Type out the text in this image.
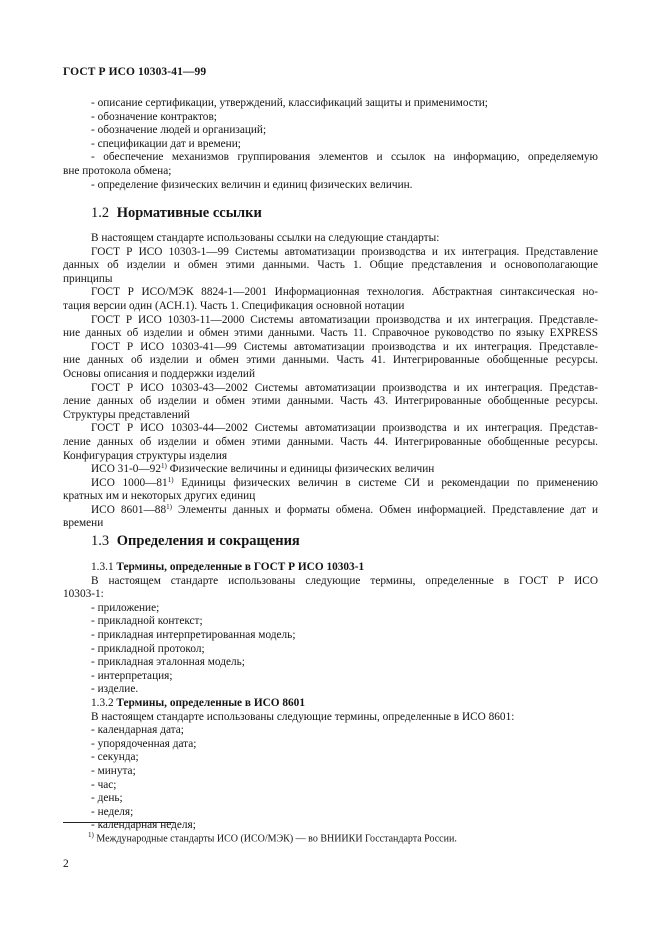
ГОСТ Р ИСО 10303-41—99
- описание сертификации, утверждений, классификаций защиты и применимости;
- обозначение контрактов;
- обозначение людей и организаций;
- спецификации дат и времени;
- обеспечение механизмов группирования элементов и ссылок на информацию, определяемую
вне протокола обмена;
- определение физических величин и единиц физических величин.
1.2 Нормативные ссылки
В настоящем стандарте использованы ссылки на следующие стандарты:
ГОСТ Р ИСО 10303-1—99 Системы автоматизации производства и их интеграция. Представление
данных об изделии и обмен этими данными. Часть 1. Общие представления и основополагающие
принципы
ГОСТ Р ИСО/МЭК 8824-1—2001 Информационная технология. Абстрактная синтаксическая но-
тация версии один (АСН.1). Часть 1. Спецификация основной нотации
ГОСТ Р ИСО 10303-11—2000 Системы автоматизации производства и их интеграция. Представле-
ние данных об изделии и обмен этими данными. Часть 11. Справочное руководство по языку EXPRESS
ГОСТ Р ИСО 10303-41—99 Системы автоматизации производства и их интеграция. Представле-
ние данных об изделии и обмен этими данными. Часть 41. Интегрированные обобщенные ресурсы.
Основы описания и поддержки изделий
ГОСТ Р ИСО 10303-43—2002 Системы автоматизации производства и их интеграция. Представ-
ление данных об изделии и обмен этими данными. Часть 43. Интегрированные обобщенные ресурсы.
Структуры представлений
ГОСТ Р ИСО 10303-44—2002 Системы автоматизации производства и их интеграция. Представ-
ление данных об изделии и обмен этими данными. Часть 44. Интегрированные обобщенные ресурсы.
Конфигурация структуры изделия
ИСО 31-0—92$^{1)}$ Физические величины и единицы физических величин
ИСО 1000—81$^{1)}$ Единицы физических величин в системе СИ и рекомендации по применению
кратных им и некоторых других единиц
ИСО 8601—88$^{1)}$ Элементы данных и форматы обмена. Обмен информацией. Представление дат и
времени
1.3 Определения и сокращения
1.3.1 Термины, определенные в ГОСТ Р ИСО 10303-1
В настоящем стандарте использованы следующие термины, определенные в ГОСТ Р ИСО
10303-1:
- приложение;
- прикладной контекст;
- прикладная интерпретированная модель;
- прикладной протокол;
- прикладная эталонная модель;
- интерпретация;
- изделие.
1.3.2 Термины, определенные в ИСО 8601
В настоящем стандарте использованы следующие термины, определенные в ИСО 8601:
- календарная дата;
- упорядоченная дата;
- секунда;
- минута;
- час;
- день;
- неделя;
- календарная неделя;
$^{1)}$ Международные стандарты ИСО (ИСО/МЭК) — во ВНИИКИ Госстандарта России.
2
